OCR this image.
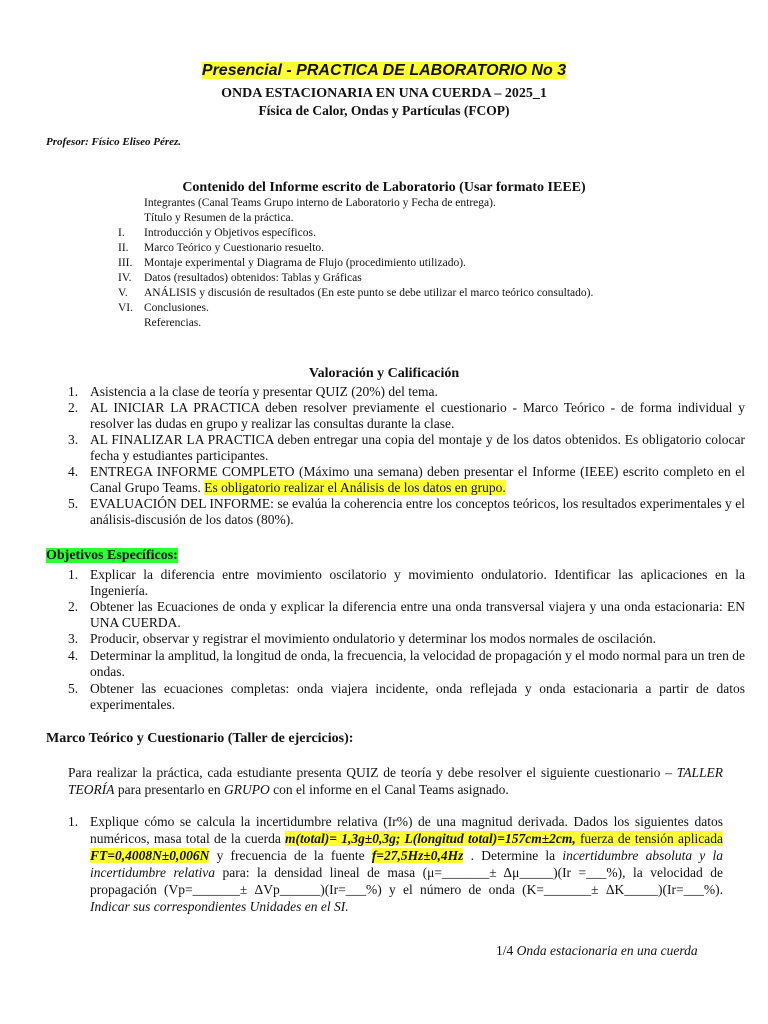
Presencial - PRACTICA DE LABORATORIO No 3
ONDA ESTACIONARIA EN UNA CUERDA – 2025_1
Física de Calor, Ondas y Partículas (FCOP)
Profesor: Físico Eliseo Pérez.
Contenido del Informe escrito de Laboratorio (Usar formato IEEE)
Integrantes (Canal Teams Grupo interno de Laboratorio y Fecha de entrega).
Título y Resumen de la práctica.
I.	Introducción y Objetivos específicos.
II.	Marco Teórico y Cuestionario resuelto.
III.	Montaje experimental y Diagrama de Flujo (procedimiento utilizado).
IV.	Datos (resultados) obtenidos: Tablas y Gráficas
V.	ANÁLISIS y discusión de resultados (En este punto se debe utilizar el marco teórico consultado).
VI. Conclusiones.
Referencias.
Valoración y Calificación
1. Asistencia a la clase de teoría y presentar QUIZ (20%) del tema.
2. AL INICIAR LA PRACTICA deben resolver previamente el cuestionario - Marco Teórico - de forma individual y resolver las dudas en grupo y realizar las consultas durante la clase.
3. AL FINALIZAR LA PRACTICA deben entregar una copia del montaje y de los datos obtenidos. Es obligatorio colocar fecha y estudiantes participantes.
4. ENTREGA INFORME COMPLETO (Máximo una semana) deben presentar el Informe (IEEE) escrito completo en el Canal Grupo Teams. Es obligatorio realizar el Análisis de los datos en grupo.
5. EVALUACIÓN DEL INFORME: se evalúa la coherencia entre los conceptos teóricos, los resultados experimentales y el análisis-discusión de los datos (80%).
Objetivos Específicos:
1. Explicar la diferencia entre movimiento oscilatorio y movimiento ondulatorio. Identificar las aplicaciones en la Ingeniería.
2. Obtener las Ecuaciones de onda y explicar la diferencia entre una onda transversal viajera y una onda estacionaria: EN UNA CUERDA.
3. Producir, observar y registrar el movimiento ondulatorio y determinar los modos normales de oscilación.
4. Determinar la amplitud, la longitud de onda, la frecuencia, la velocidad de propagación y el modo normal para un tren de ondas.
5. Obtener las ecuaciones completas: onda viajera incidente, onda reflejada y onda estacionaria a partir de datos experimentales.
Marco Teórico y Cuestionario (Taller de ejercicios):
Para realizar la práctica, cada estudiante presenta QUIZ de teoría y debe resolver el siguiente cuestionario – TALLER TEORÍA para presentarlo en GRUPO con el informe en el Canal Teams asignado.
1. Explique cómo se calcula la incertidumbre relativa (Ir%) de una magnitud derivada. Dados los siguientes datos numéricos, masa total de la cuerda m(total)= 1,3g±0,3g; L(longitud total)=157cm±2cm, fuerza de tensión aplicada FT=0,4008N±0,006N y frecuencia de la fuente f=27,5Hz±0,4Hz . Determine la incertidumbre absoluta y la incertidumbre relativa para: la densidad lineal de masa (μ=_______± Δμ_____)(Ir =___%), la velocidad de propagación (Vp=_______± ΔVp______)(Ir=___%) y el número de onda (K=_______± ΔK_____)(Ir=___%). Indicar sus correspondientes Unidades en el SI.
1/4 Onda estacionaria en una cuerda
